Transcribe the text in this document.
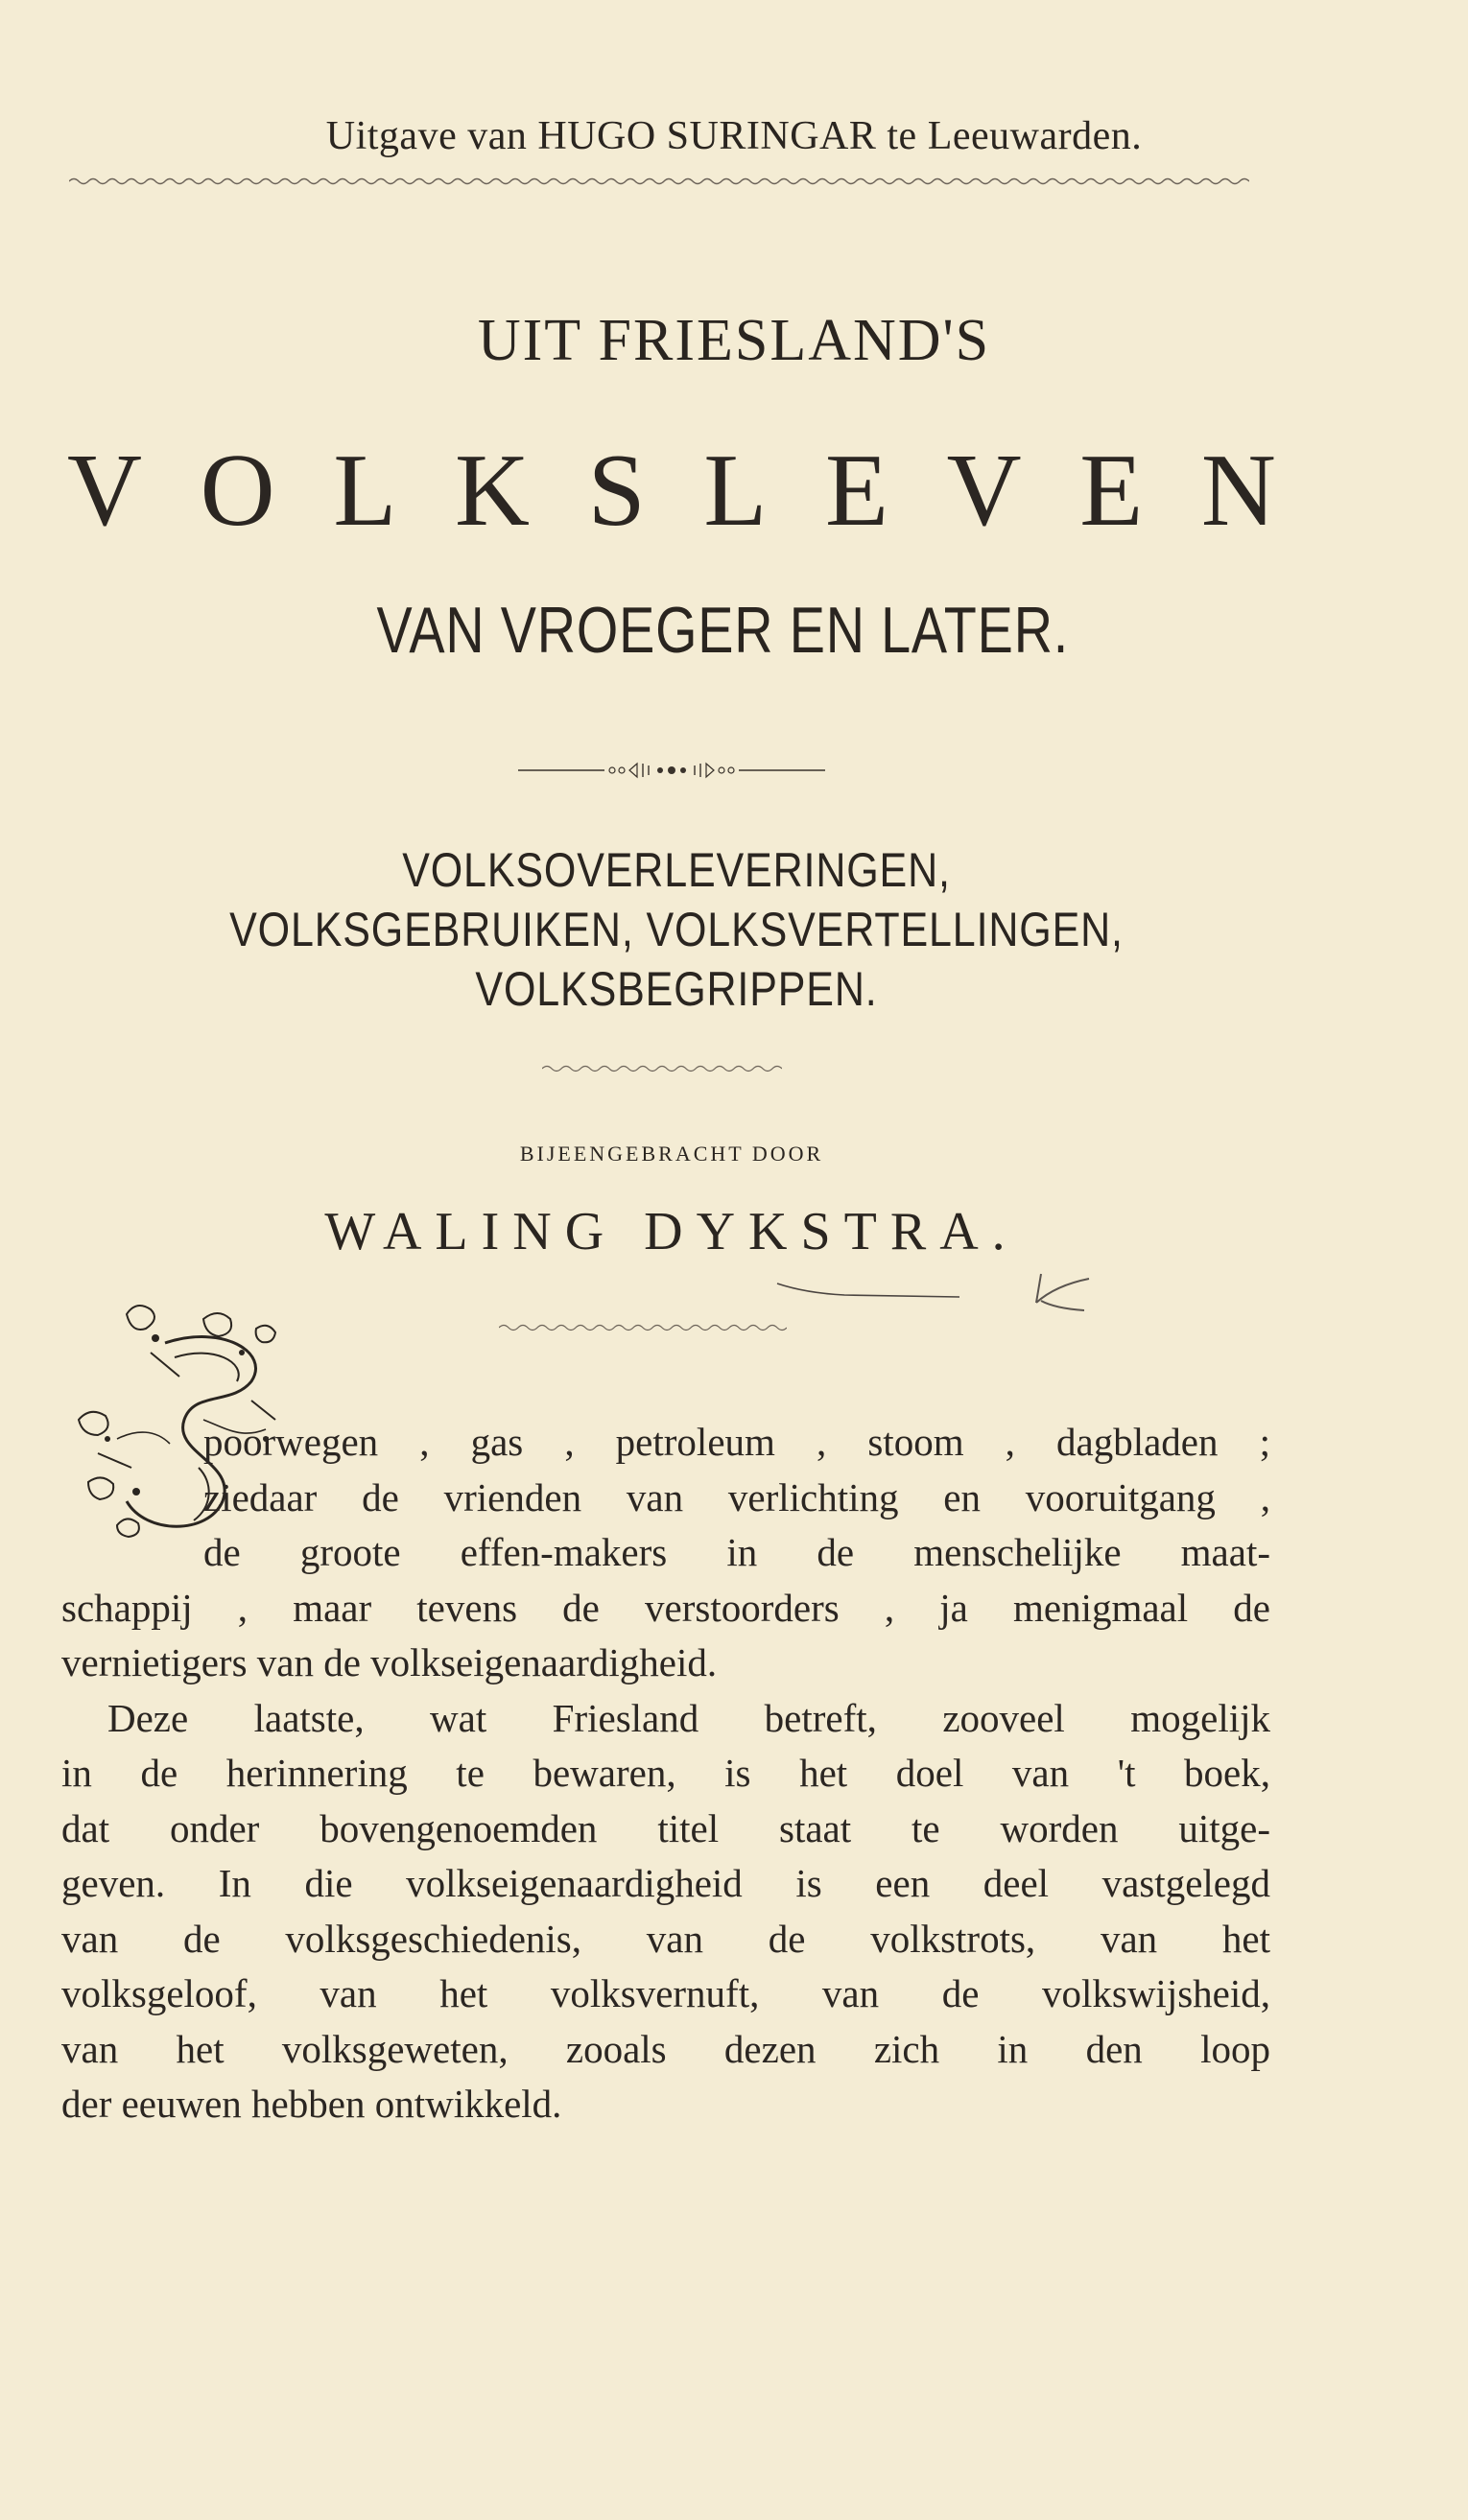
Uitgave van HUGO SURINGAR te Leeuwarden.
UIT FRIESLAND'S
V O L K S L E V E N
VAN VROEGER EN LATER.
VOLKSOVERLEVERINGEN,
VOLKSGEBRUIKEN, VOLKSVERTELLINGEN,
VOLKSBEGRIPPEN.
BIJEENGEBRACHT DOOR
WALING DYKSTRA.

poorwegen , gas , petroleum , stoom , dagbladen ;
ziedaar de vrienden van verlichting en vooruitgang ,
de groote effen-makers in de menschelijke maat-
schappij , maar tevens de verstoorders , ja menigmaal de
vernietigers van de volkseigenaardigheid.

Deze laatste, wat Friesland betreft, zooveel mogelijk
in de herinnering te bewaren, is het doel van 't boek,
dat onder bovengenoemden titel staat te worden uitge-
geven. In die volkseigenaardigheid is een deel vastgelegd
van de volksgeschiedenis, van de volkstrots, van het
volksgeloof, van het volksvernuft, van de volkswijsheid,
van het volksgeweten, zooals dezen zich in den loop
der eeuwen hebben ontwikkeld.
